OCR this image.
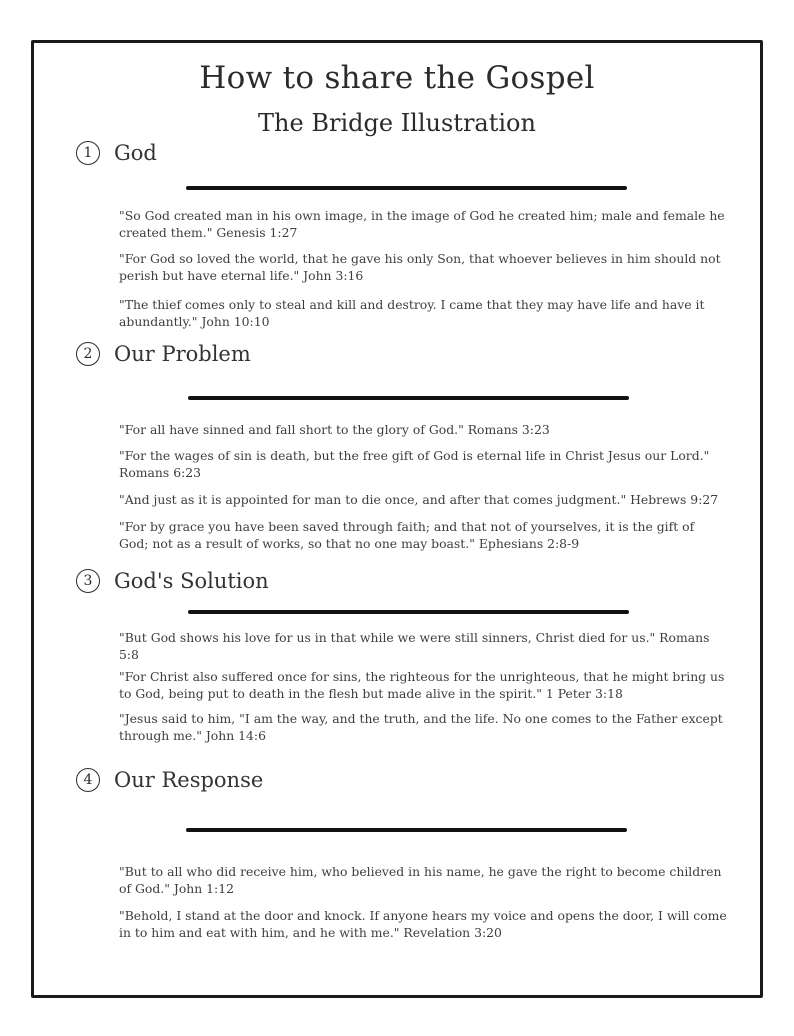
How to share the Gospel
The Bridge Illustration
1	God

"So God created man in his own image, in the image of God he created him; male and female he created them." Genesis 1:27

"For God so loved the world, that he gave his only Son, that whoever believes in him should not perish but have eternal life." John 3:16

"The thief comes only to steal and kill and destroy. I came that they may have life and have it abundantly." John 10:10

2	Our Problem

"For all have sinned and fall short to the glory of God." Romans 3:23

"For the wages of sin is death, but the free gift of God is eternal life in Christ Jesus our Lord." Romans 6:23

"And just as it is appointed for man to die once, and after that comes judgment." Hebrews 9:27

"For by grace you have been saved through faith; and that not of yourselves, it is the gift of God; not as a result of works, so that no one may boast." Ephesians 2:8-9

3	God's Solution

"But God shows his love for us in that while we were still sinners, Christ died for us." Romans 5:8

"For Christ also suffered once for sins, the righteous for the unrighteous, that he might bring us to God, being put to death in the flesh but made alive in the spirit." 1 Peter 3:18

"Jesus said to him, "I am the way, and the truth, and the life. No one comes to the Father except through me." John 14:6

4	Our Response

"But to all who did receive him, who believed in his name, he gave the right to become children of God." John 1:12

"Behold, I stand at the door and knock. If anyone hears my voice and opens the door, I will come in to him and eat with him, and he with me." Revelation 3:20
